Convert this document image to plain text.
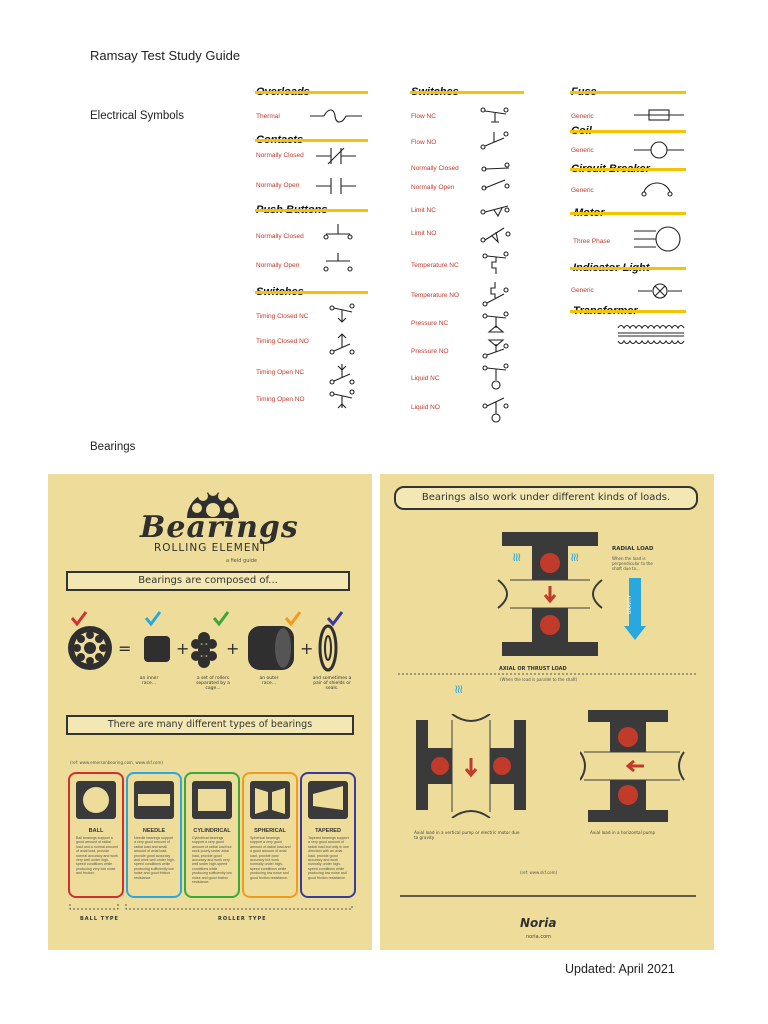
Ramsay Test Study Guide
Electrical Symbols
Bearings
Updated: April 2021
Thermal
Normally Closed
Normally Open
Normally Closed
Normally Open
Timing Closed NC
Timing Closed NO
Timing Open NC
Timing Open NO
Flow NC
Flow NO
Normally Closed
Normally Open
Limit NC
Limit NO
Temperature NC
Temperature NO
Pressure NC
Pressure NO
Liquid NC
Liquid NO
Generic
Generic
Generic
Three Phase
Generic
Bearings
ROLLING ELEMENT
a field guide
Bearings are composed of...
=	+ +	+
an inner race...
a set of rollers separated by a cage...
an outer race...
and sometimes a pair of shields or seals.
There are many different types of bearings
(ref: www.emersonbearing.com, www.skf.com)
BALL
Ball bearings support a good amount of radial load and a normal amount of axial load, provide normal accuracy and work very well under high-speed conditions while producing very low noise and friction.
NEEDLE
Needle bearings support a very good amount of radial load and small amount of axial load, provide good accuracy and work well under high-speed conditions while producing sufficiently low noise and good friction resistance.
CYLINDRICAL
Cylindrical bearings support a very good amount of radial load but work poorly under axial load, provide good accuracy and work very well under high-speed conditions while producing sufficiently low noise and good friction resistance.
SPHERICAL
Spherical bearings support a very good amount of radial load and a good amount of axial load, provide poor accuracy but work normally under high-speed conditions while producing low noise and good friction resistance.
TAPERED
Tapered bearings support a very good amount of radial load but only in one direction with an axial load, provide good accuracy and work normally under high-speed conditions while producing low noise and good friction resistance.
BALL TYPE	ROLLER TYPE
Bearings also work under different kinds of loads.
RADIAL LOAD
When the load is perpendicular to the shaft due to...
≀≀≀	≀≀≀
GRAVITY
AXIAL OR THRUST LOAD
(When the load is parallel to the shaft)
≀≀≀
Axial load in a vertical pump or electric motor due to gravity
Axial load in a horizontal pump
(ref: www.skf.com)
Noria
noria.com
